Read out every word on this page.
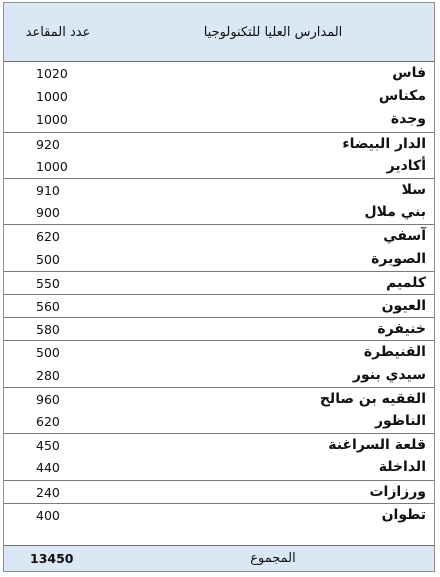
عدد المقاعد	المدارس العليا للتكنولوجيا
1020	فاس
1000	مكناس
1000	وجدة
920	الدار البيضاء
1000	أكادير
910	سلا
900	بني ملال
620	آسفي
500	الصويرة
550	كلميم
560	العيون
580	خنيفرة
500	القنيطرة
280	سيدي بنور
960	الفقيه بن صالح
620	الناظور
450	قلعة السراغنة
440	الداخلة
240	ورزازات
400	تطوان
13450	المجموع
